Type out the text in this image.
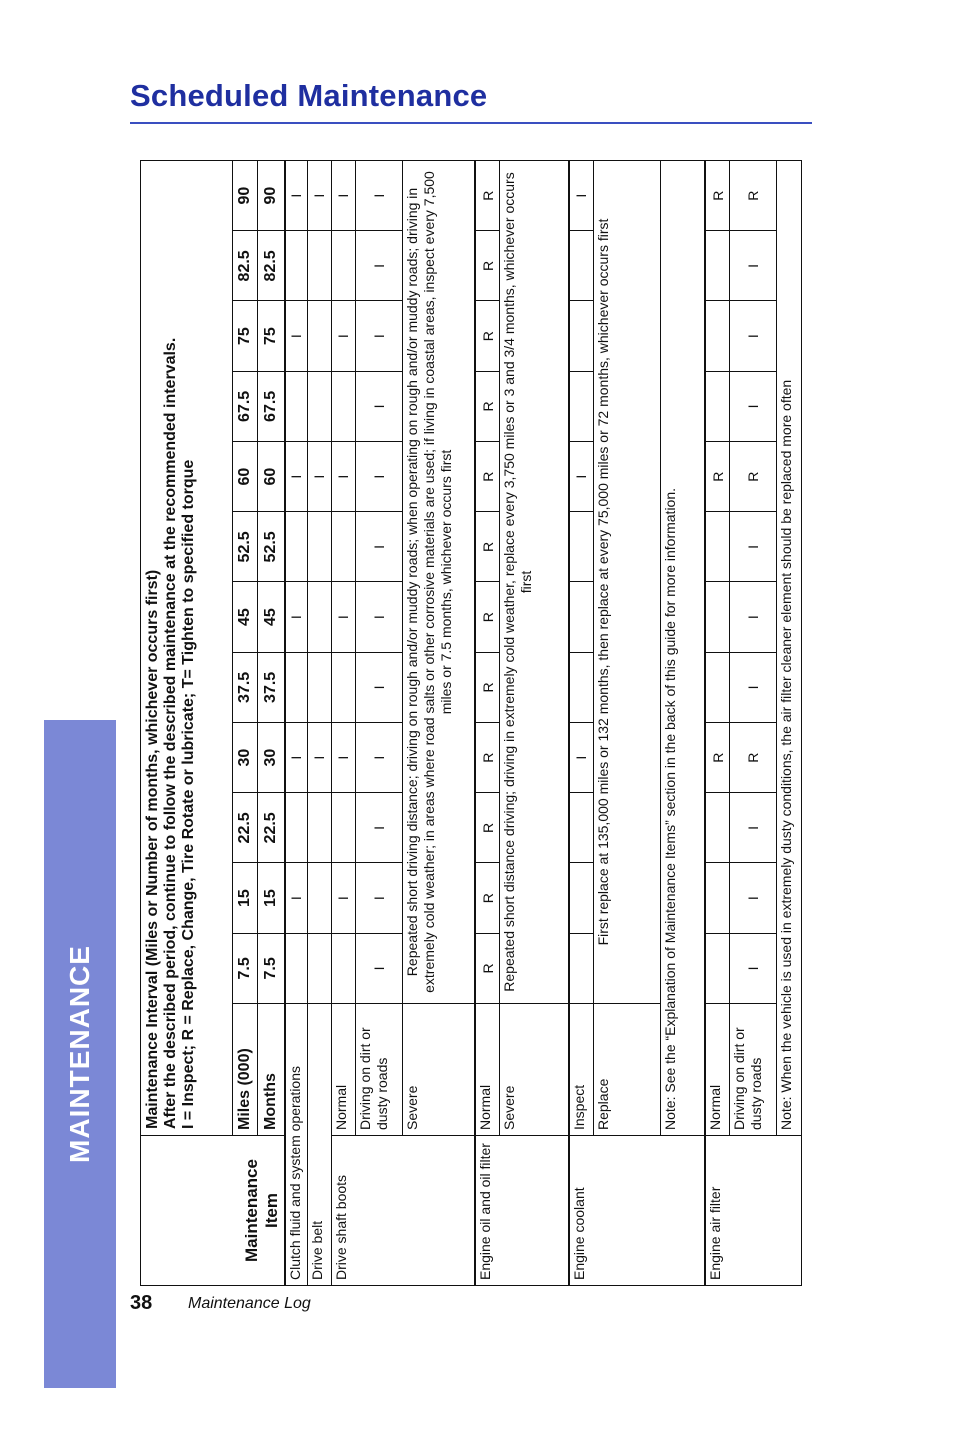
MAINTENANCE
Scheduled Maintenance
Maintenance Item	Maintenance Interval (Miles or Number of months, whichever occurs first) After the described period, continue to follow the described maintenance at the recommended intervals. I = Inspect; R = Replace, Change, Tire Rotate or lubricate; T= Tighten to specified torque												

	Miles (000)	7.5	15	22.5	30	37.5	45	52.5	60	67.5	75	82.5	90
	Months	7.5	15	22.5	30	37.5	45	52.5	60	67.5	75	82.5	90
Clutch fluid and system operations			I		I		I		I		I		I
Drive belt					I				I				I
Drive shaft boots	Normal		I		I		I		I		I		I
	Driving on dirt or dusty roads	I	I	I	I	I	I	I	I	I	I	I	I
	Severe	Repeated short driving distance; driving on rough and/or muddy roads; when operating on rough and/or muddy roads; driving in extremely cold weather; in areas where road salts or other corrosive materials are used; if living in coastal areas, inspect every 7,500 miles or 7.5 months, whichever occurs first											
Engine oil and oil filter	Normal	R	R	R	R	R	R	R	R	R	R	R	R
	Severe	Repeated short distance driving; driving in extremely cold weather, replace every 3,750 miles or 3 and 3/4 months, whichever occurs first											
Engine coolant	Inspect				I				I				I
	Replace	First replace at 135,000 miles or 132 months, then replace at every 75,000 miles or 72 months, whichever occurs first											
	Note: See the “Explanation of Maintenance Items” section in the back of this guide for more information.												
Engine air filter	Normal				R				R				R
	Driving on dirt or dusty roads	I	I	I	R	I	I	I	R	I	I	I	R
	Note: When the vehicle is used in extremely dusty conditions, the air filter cleaner element should be replaced more often												
38 Maintenance Log
